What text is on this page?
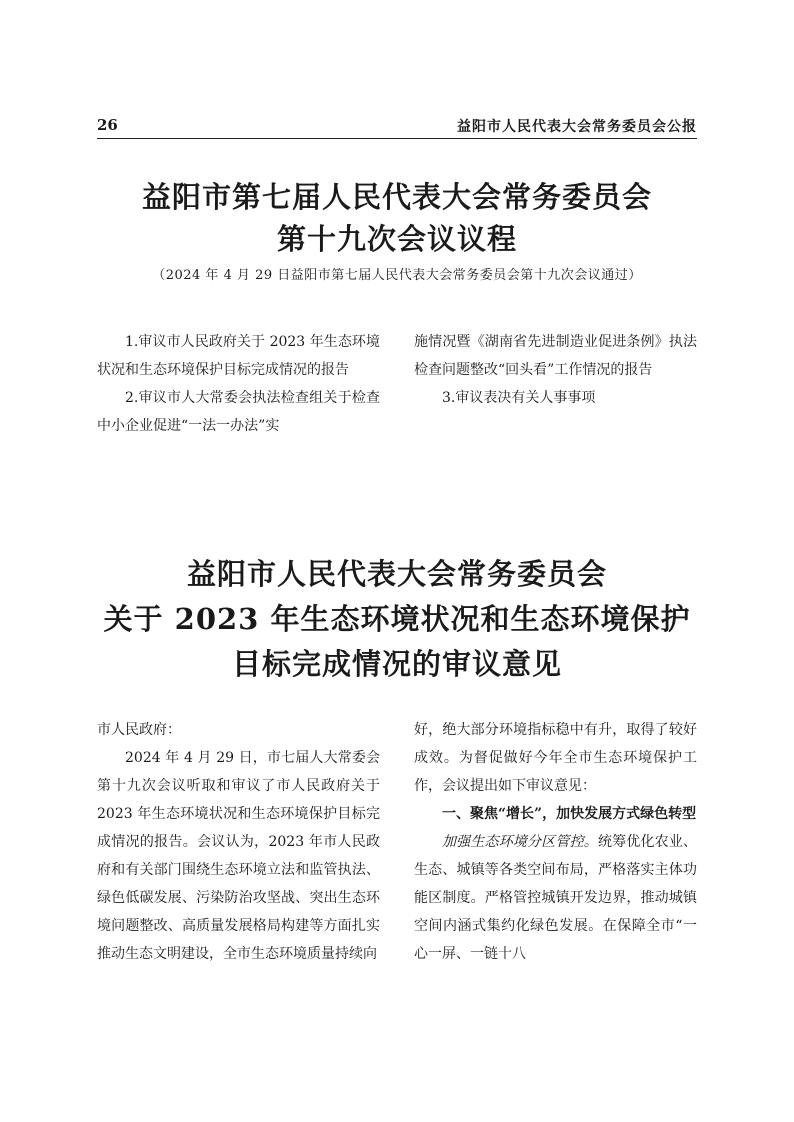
26	益阳市人民代表大会常务委员会公报
益阳市第七届人民代表大会常务委员会
第十九次会议议程
（2024 年 4 月 29 日益阳市第七届人民代表大会常务委员会第十九次会议通过）

1.审议市人民政府关于 2023 年生态环境状况和生态环境保护目标完成情况的报告

2.审议市人大常委会执法检查组关于检查中小企业促进“一法一办法”实

施情况暨《湖南省先进制造业促进条例》执法检查问题整改“回头看”工作情况的报告

3.审议表决有关人事事项

益阳市人民代表大会常务委员会
关于 2023 年生态环境状况和生态环境保护
目标完成情况的审议意见

市人民政府：

2024 年 4 月 29 日，市七届人大常委会第十九次会议听取和审议了市人民政府关于 2023 年生态环境状况和生态环境保护目标完成情况的报告。会议认为，2023 年市人民政府和有关部门围绕生态环境立法和监管执法、绿色低碳发展、污染防治攻坚战、突出生态环境问题整改、高质量发展格局构建等方面扎实推动生态文明建设，全市生态环境质量持续向

好，绝大部分环境指标稳中有升，取得了较好成效。为督促做好今年全市生态环境保护工作，会议提出如下审议意见：

一、聚焦“增长”，加快发展方式绿色转型

加强生态环境分区管控。统筹优化农业、生态、城镇等各类空间布局，严格落实主体功能区制度。严格管控城镇开发边界，推动城镇空间内涵式集约化绿色发展。在保障全市“一心一屏、一链十八
